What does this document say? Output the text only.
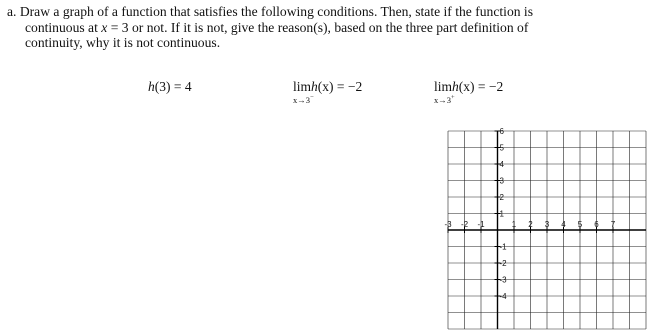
a. Draw a graph of a function that satisfies the following conditions. Then, state if the function is
continuous at x = 3 or not. If it is not, give the reason(s), based on the three part definition of
continuity, why it is not continuous.
h(3) = 4	lim
x→3−
h(x) = −2	lim
x→3+
h(x) = −2
-3 -2 -1	1 2 3 4 5 6 7
6
5
4
3
2
1
-1
-2
-3
-4
